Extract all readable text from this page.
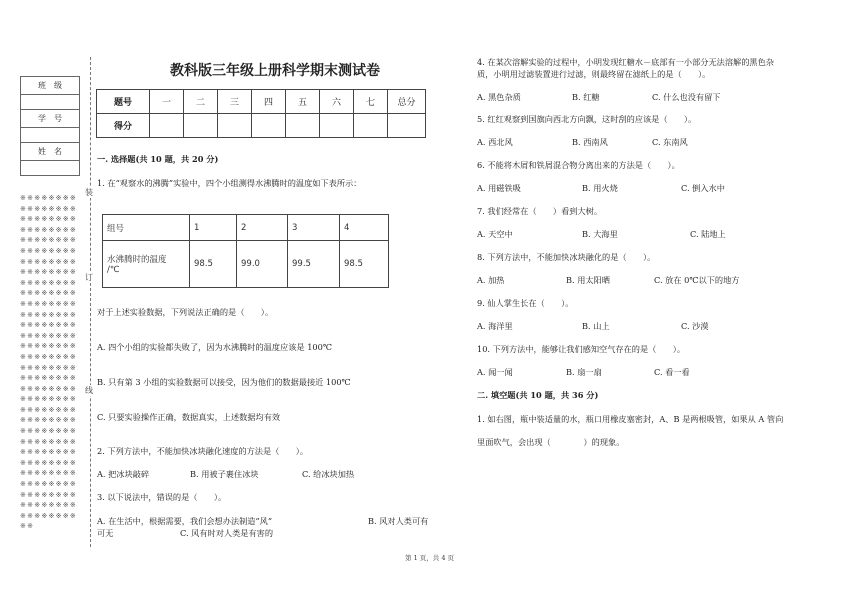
班　级

学　号

姓　名

※※※※※※※※※※※※※※※※※※※※※※※※※※※※※※※※※※※※※※※※※※※※※※※※※※※※※※※※※※※※※※※※※※※※※※※※※※※※※※※※※※※※※※※※※※※※※※※※※※※※※※※※※※※※※※※※※※※※※※※※※※※※※※※※※※※※※※※※※※※※※※※※※※※※※※※※※※※※※※※※※※※※※※※※※※※※※※※※※※※※※※※※※※※※※※※※※※※※※※※※※※※※※※※※※※※※※※※※※※※※※※※※※※※※※※※※※※※※※※※※※※※※※※※※※※
装
订
线
教科版三年级上册科学期末测试卷
题号	一	二	三	四	五	六	七	总分
得分								
一. 选择题(共 10 题，共 20 分)
1. 在“观察水的沸腾”实验中，四个小组测得水沸腾时的温度如下表所示：
组号	1	2	3	4
水沸腾时的温度
/℃	98.5	99.0	99.5	98.5
对于上述实验数据，下列说法正确的是（　　）。
A. 四个小组的实验都失败了，因为水沸腾时的温度应该是 100℃
B. 只有第 3 小组的实验数据可以接受，因为他们的数据最接近 100℃
C. 只要实验操作正确，数据真实，上述数据均有效
2. 下列方法中，不能加快冰块融化速度的方法是（　　）。
A. 把冰块敲碎	B. 用被子裹住冰块	C. 给冰块加热
3. 以下说法中，错误的是（　　）。
A. 在生活中，根据需要，我们会想办法制造”风”	B. 风对人类可有
可无	C. 风有时对人类是有害的
4. 在某次溶解实验的过程中，小明发现红糖水－底部有一小部分无法溶解的黑色杂
质，小明用过滤装置进行过滤，则最终留在滤纸上的是（　　）。
A. 黑色杂质	B. 红糖	C. 什么也没有留下
5. 红红观察到国旗向西北方向飘，这时刮的应该是（　　）。
A. 西北风	B. 西南风	C. 东南风
6. 不能将木屑和铁屑混合物分离出来的方法是（　　）。
A. 用磁铁吸	B. 用火烧	C. 倒入水中
7. 我们经常在（　　）看到大树。
A. 天空中	B. 大海里	C. 陆地上
8. 下列方法中，不能加快冰块融化的是（　　）。
A. 加热	B. 用太阳晒	C. 放在 0℃以下的地方
9. 仙人掌生长在（　　）。
A. 海洋里	B. 山上	C. 沙漠
10. 下列方法中，能够让我们感知空气存在的是（　　）。
A. 闻一闻	B. 扇一扇	C. 看一看
二. 填空题(共 10 题，共 36 分)
1. 如右图，瓶中装适量的水，瓶口用橡皮塞密封，A、B 是两根吸管，如果从 A 管向
里面吹气，会出现（　　　　）的现象。
第 1 页，共 4 页
